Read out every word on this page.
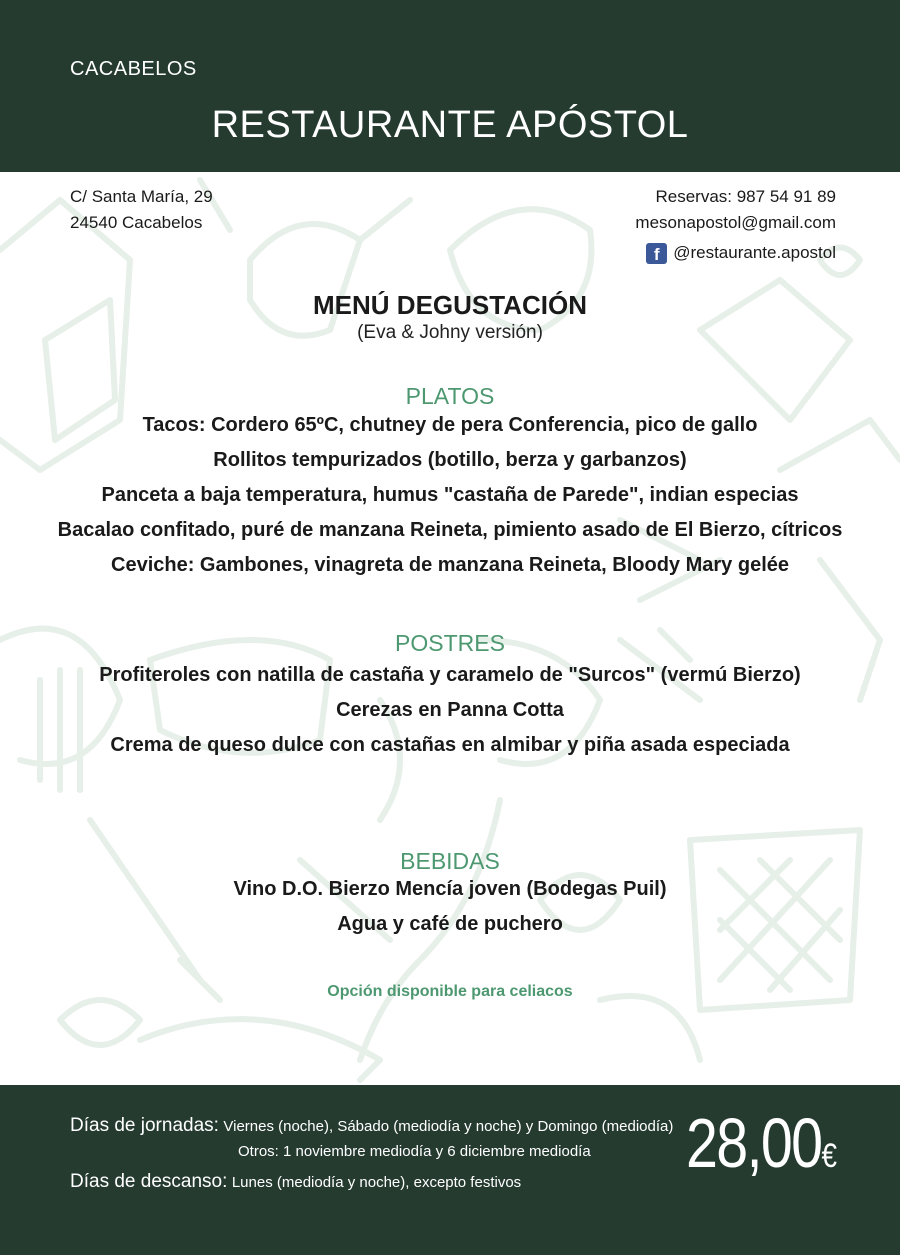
CACABELOS
RESTAURANTE APÓSTOL
C/ Santa María, 29
24540 Cacabelos
Reservas: 987 54 91 89
mesonapostol@gmail.com
f @restaurante.apostol
MENÚ DEGUSTACIÓN
(Eva & Johny versión)
PLATOS
Tacos: Cordero 65ºC, chutney de pera Conferencia, pico de gallo
Rollitos tempurizados (botillo, berza y garbanzos)
Panceta a baja temperatura, humus "castaña de Parede", indian especias
Bacalao confitado, puré de manzana Reineta, pimiento asado de El Bierzo, cítricos
Ceviche: Gambones, vinagreta de manzana Reineta, Bloody Mary gelée
POSTRES
Profiteroles con natilla de castaña y caramelo de "Surcos" (vermú Bierzo)
Cerezas en Panna Cotta
Crema de queso dulce con castañas en almibar y piña asada especiada
BEBIDAS
Vino D.O. Bierzo Mencía joven (Bodegas Puil)
Agua y café de puchero
Opción disponible para celiacos
Días de jornadas: Viernes (noche), Sábado (mediodía y noche) y Domingo (mediodía)
Otros: 1 noviembre mediodía y 6 diciembre mediodía
Días de descanso: Lunes (mediodía y noche), excepto festivos
28,00€
